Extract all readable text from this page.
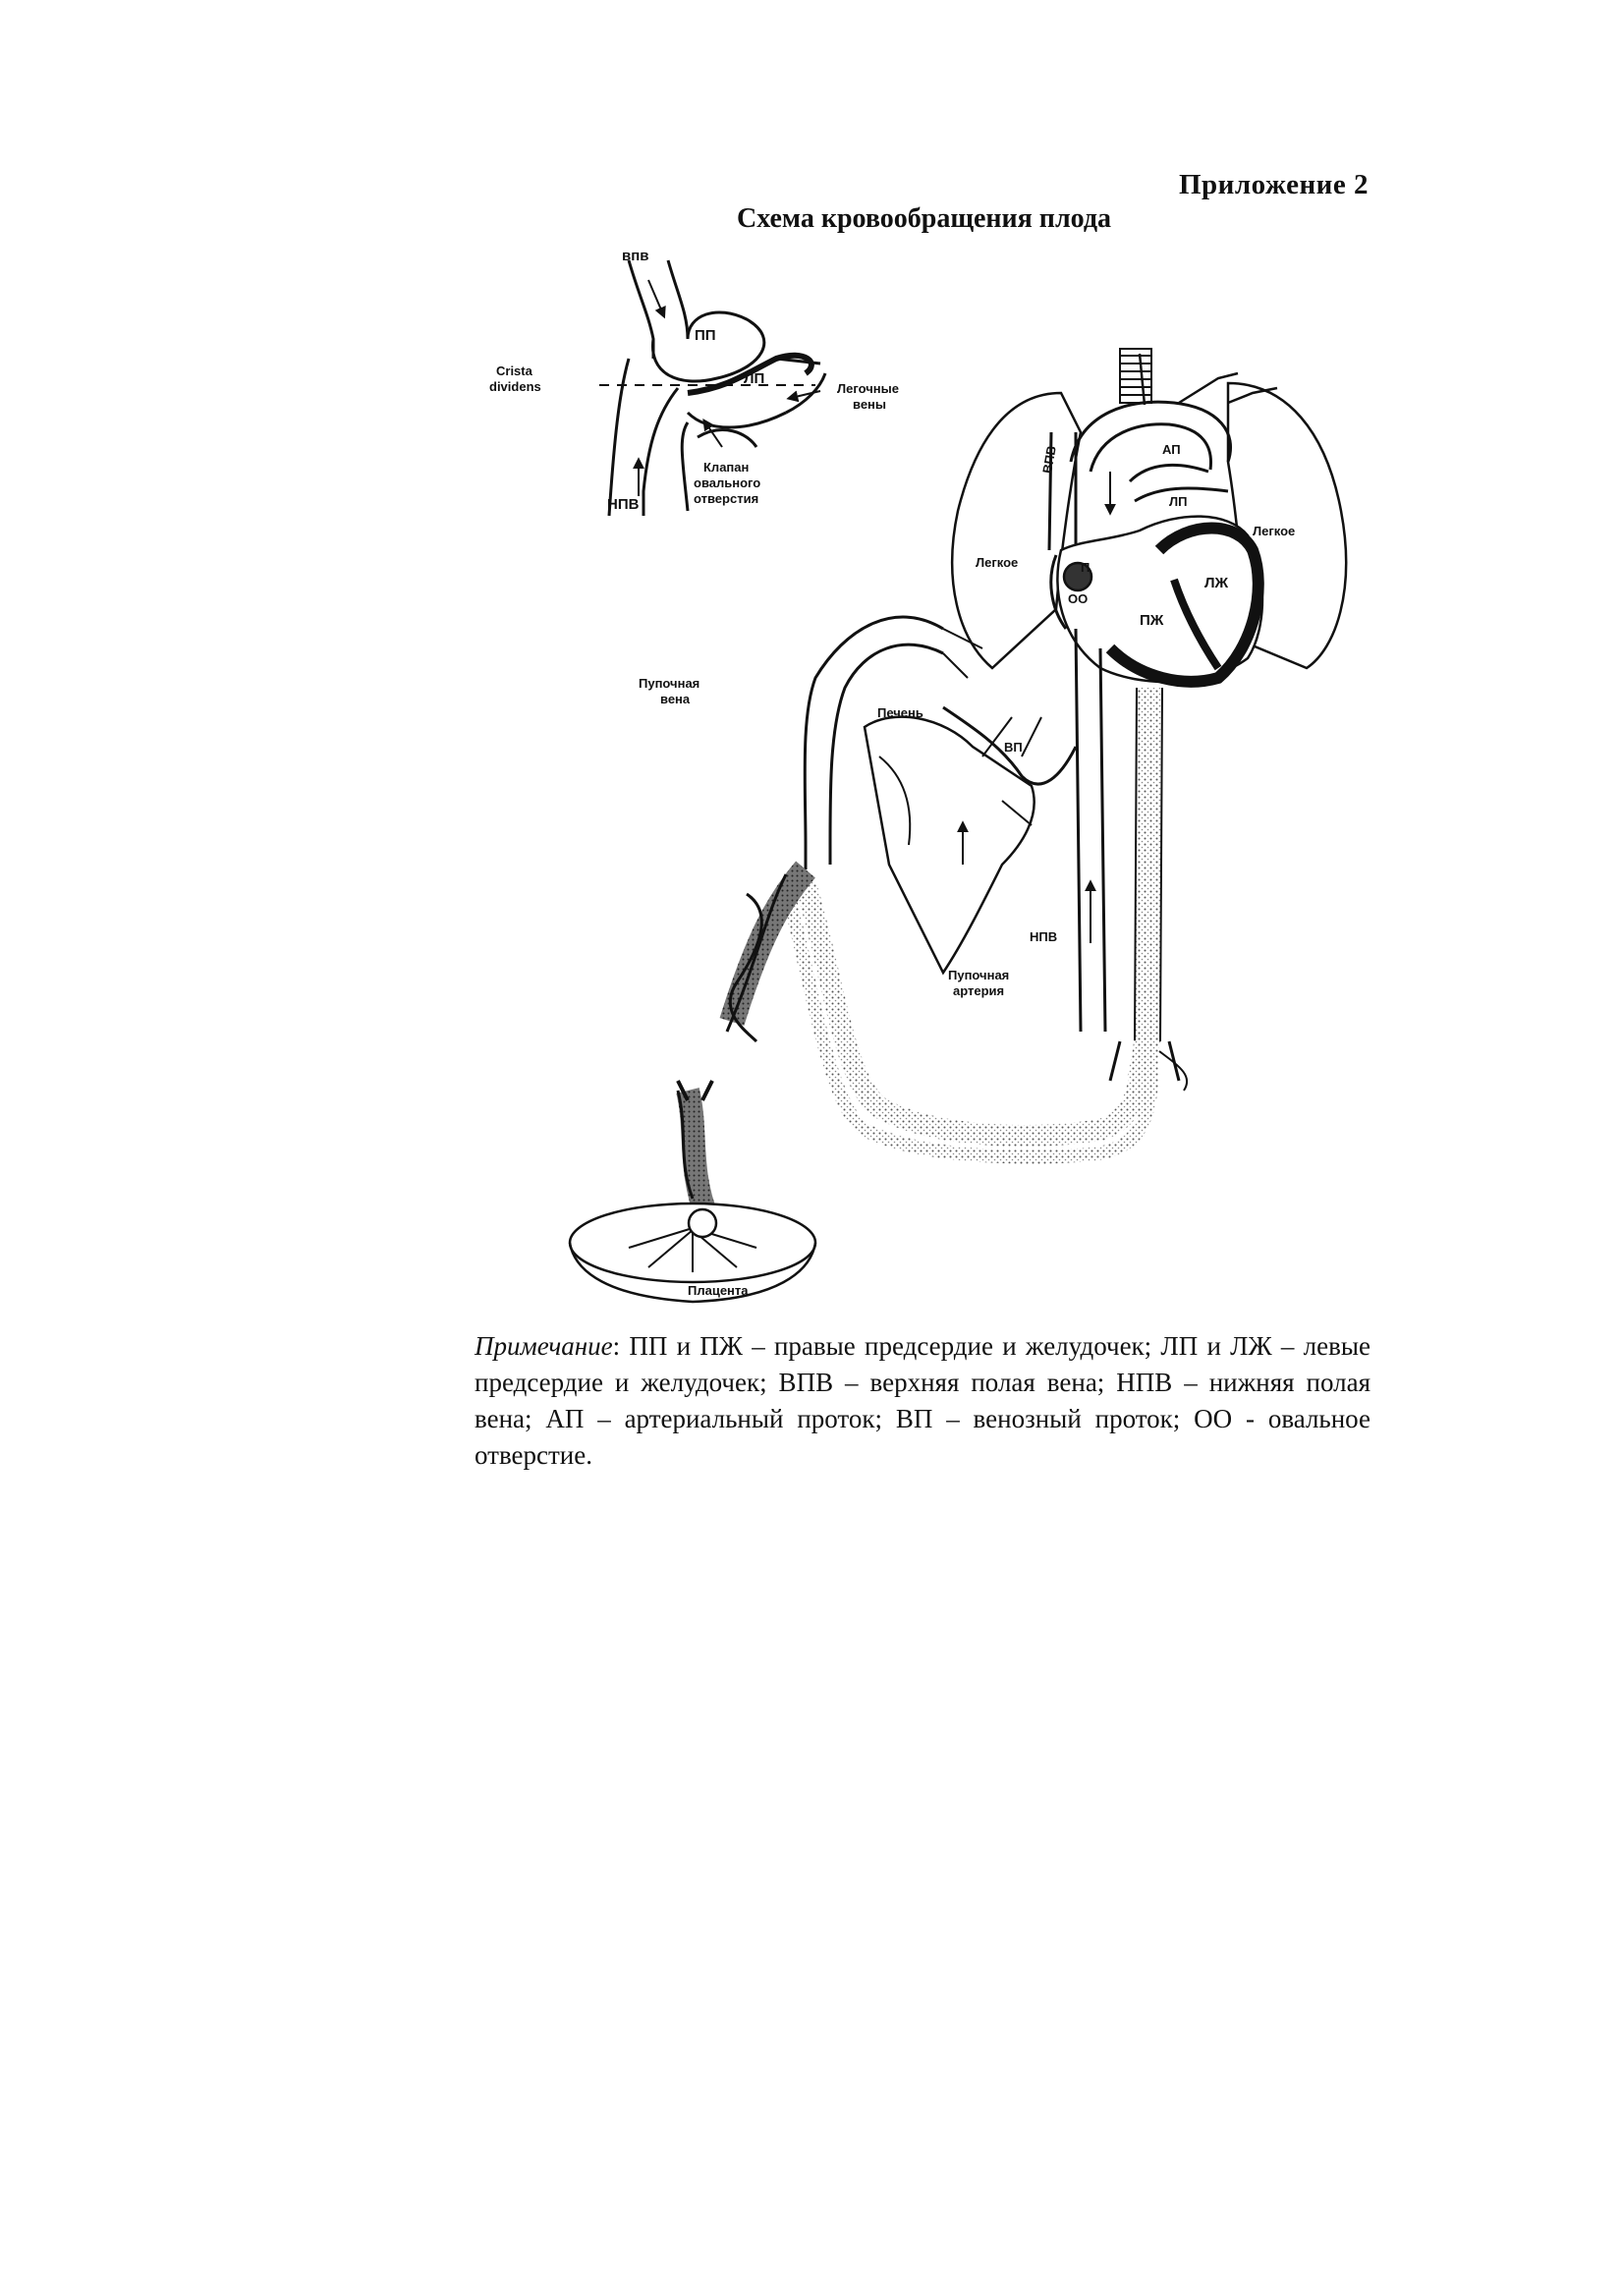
Приложение 2
Схема кровообращения плода
впв
ПП
Crista
dividens	ЛП
Легочные
вены
Клапан
овального
отверстия
НПВ
ВПВ	АП
ЛП
П
Легкое
Легкое
ЛЖ
ОО
ПЖ
Пупочная
вена
Печень
ВП
НПВ
Пупочная
артерия
Плацента
Примечание: ПП и ПЖ – правые предсердие и желудочек; ЛП и ЛЖ – левые предсердие и желудочек; ВПВ – верхняя полая вена; НПВ – нижняя полая вена; АП – артериальный проток; ВП – венозный проток; ОО - овальное отверстие.
